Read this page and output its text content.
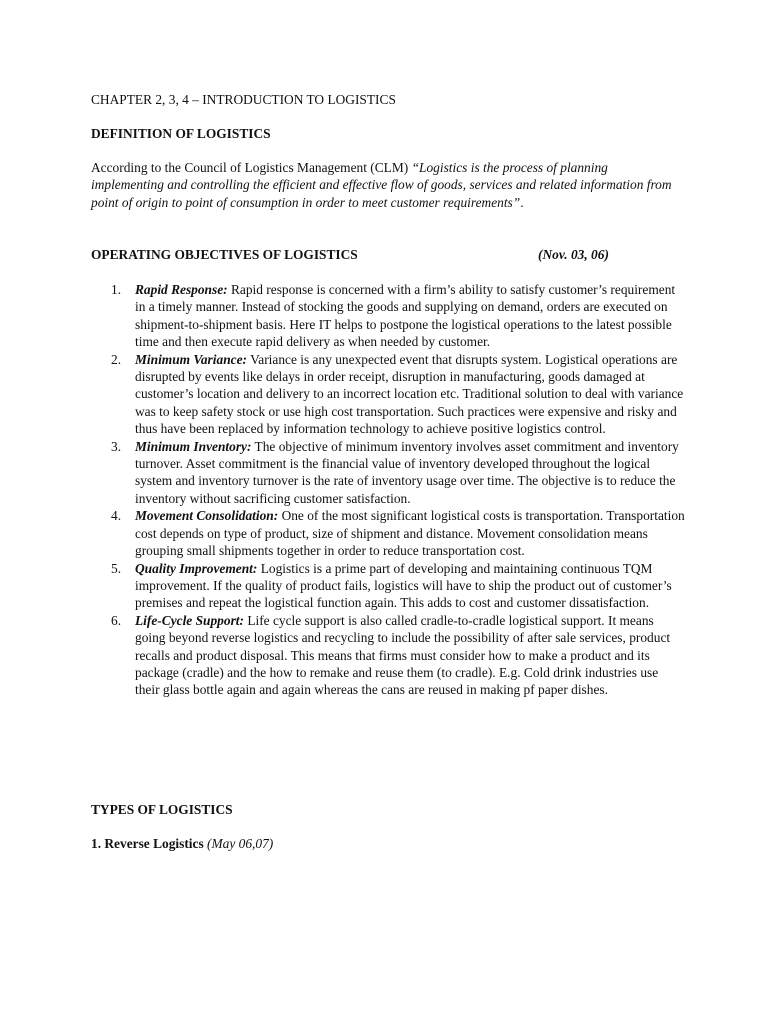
CHAPTER 2, 3, 4 – INTRODUCTION TO LOGISTICS

DEFINITION OF LOGISTICS

According to the Council of Logistics Management (CLM) “Logistics is the process of planning implementing and controlling the efficient and effective flow of goods, services and related information from point of origin to point of consumption in order to meet customer requirements”.

OPERATING OBJECTIVES OF LOGISTICS	(Nov. 03, 06)

1. Rapid Response: Rapid response is concerned with a firm’s ability to satisfy customer’s requirement in a timely manner. Instead of stocking the goods and supplying on demand, orders are executed on shipment-to-shipment basis. Here IT helps to postpone the logistical operations to the latest possible time and then execute rapid delivery as when needed by customer.
2. Minimum Variance: Variance is any unexpected event that disrupts system. Logistical operations are disrupted by events like delays in order receipt, disruption in manufacturing, goods damaged at customer’s location and delivery to an incorrect location etc. Traditional solution to deal with variance was to keep safety stock or use high cost transportation. Such practices were expensive and risky and thus have been replaced by information technology to achieve positive logistics control.
3. Minimum Inventory: The objective of minimum inventory involves asset commitment and inventory turnover. Asset commitment is the financial value of inventory developed throughout the logical system and inventory turnover is the rate of inventory usage over time. The objective is to reduce the inventory without sacrificing customer satisfaction.
4. Movement Consolidation: One of the most significant logistical costs is transportation. Transportation cost depends on type of product, size of shipment and distance. Movement consolidation means grouping small shipments together in order to reduce transportation cost.
5. Quality Improvement: Logistics is a prime part of developing and maintaining continuous TQM improvement. If the quality of product fails, logistics will have to ship the product out of customer’s premises and repeat the logistical function again. This adds to cost and customer dissatisfaction.
6. Life-Cycle Support: Life cycle support is also called cradle-to-cradle logistical support. It means going beyond reverse logistics and recycling to include the possibility of after sale services, product recalls and product disposal. This means that firms must consider how to make a product and its package (cradle) and the how to remake and reuse them (to cradle). E.g. Cold drink industries use their glass bottle again and again whereas the cans are reused in making pf paper dishes.

TYPES OF LOGISTICS

1. Reverse Logistics (May 06,07)
